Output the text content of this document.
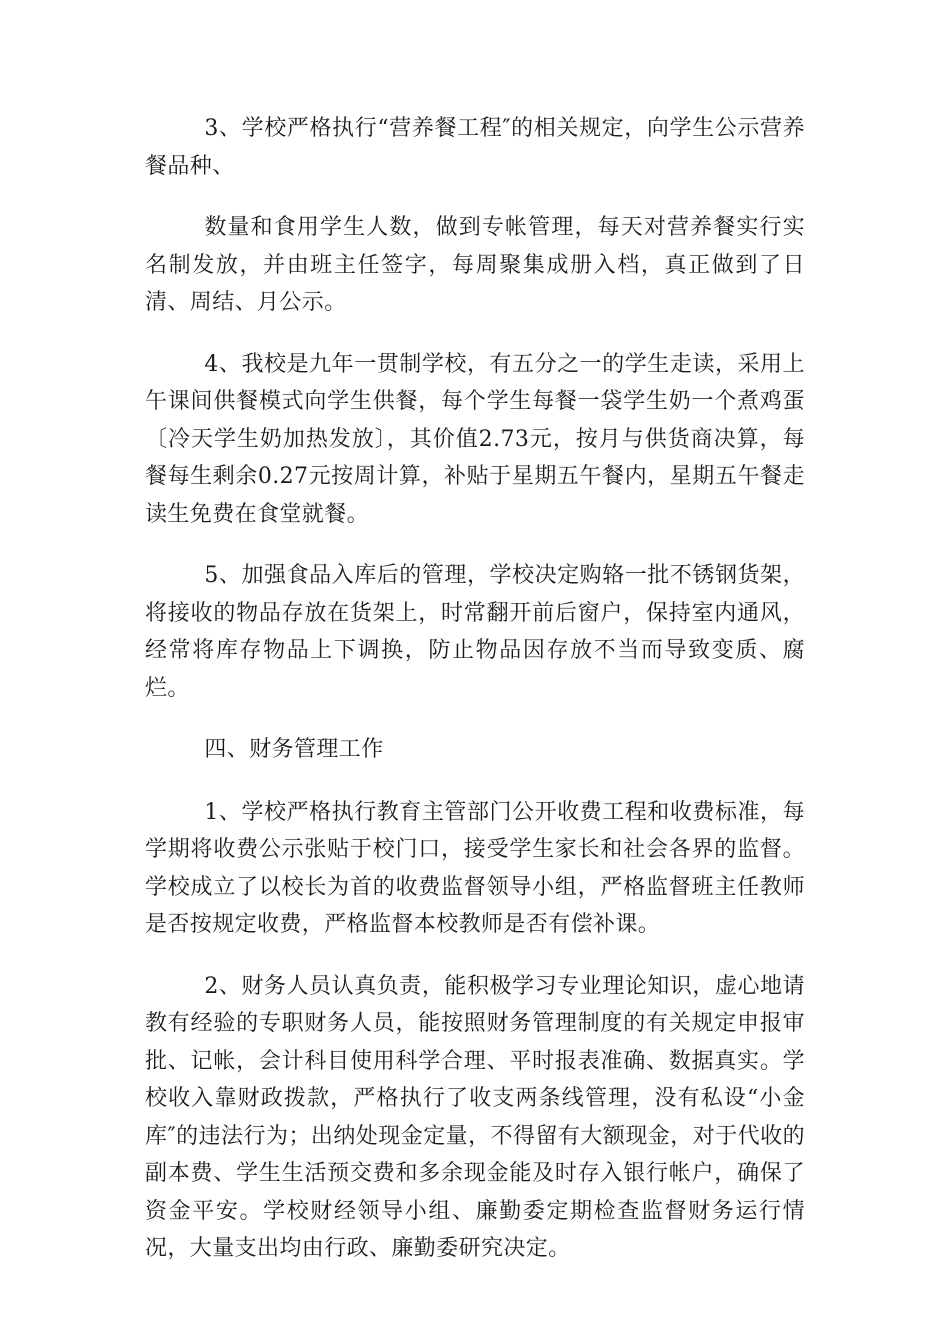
3、学校严格执行“营养餐工程″的相关规定，向学生公示营养餐品种、

数量和食用学生人数，做到专帐管理，每天对营养餐实行实名制发放，并由班主任签字，每周聚集成册入档，真正做到了日清、周结、月公示。

4、我校是九年一贯制学校，有五分之一的学生走读，采用上午课间供餐模式向学生供餐，每个学生每餐一袋学生奶一个煮鸡蛋〔冷天学生奶加热发放〕，其价值2.73元，按月与供货商决算，每餐每生剩余0.27元按周计算，补贴于星期五午餐内，星期五午餐走读生免费在食堂就餐。

5、加强食品入库后的管理，学校决定购辂一批不锈钢货架，将接收的物品存放在货架上，时常翻开前后窗户，保持室内通风，经常将库存物品上下调换，防止物品因存放不当而导致变质、腐烂。

四、财务管理工作

1、学校严格执行教育主管部门公开收费工程和收费标准，每学期将收费公示张贴于校门口，接受学生家长和社会各界的监督。学校成立了以校长为首的收费监督领导小组，严格监督班主任教师是否按规定收费，严格监督本校教师是否有偿补课。

2、财务人员认真负责，能积极学习专业理论知识，虚心地请教有经验的专职财务人员，能按照财务管理制度的有关规定申报审批、记帐，会计科目使用科学合理、平时报表准确、数据真实。学校收入靠财政拨款，严格执行了收支两条线管理，没有私设“小金库″的违法行为；出纳处现金定量，不得留有大额现金，对于代收的副本费、学生生活预交费和多余现金能及时存入银行帐户，确保了资金平安。学校财经领导小组、廉勤委定期检查监督财务运行情况，大量支出均由行政、廉勤委研究决定。
